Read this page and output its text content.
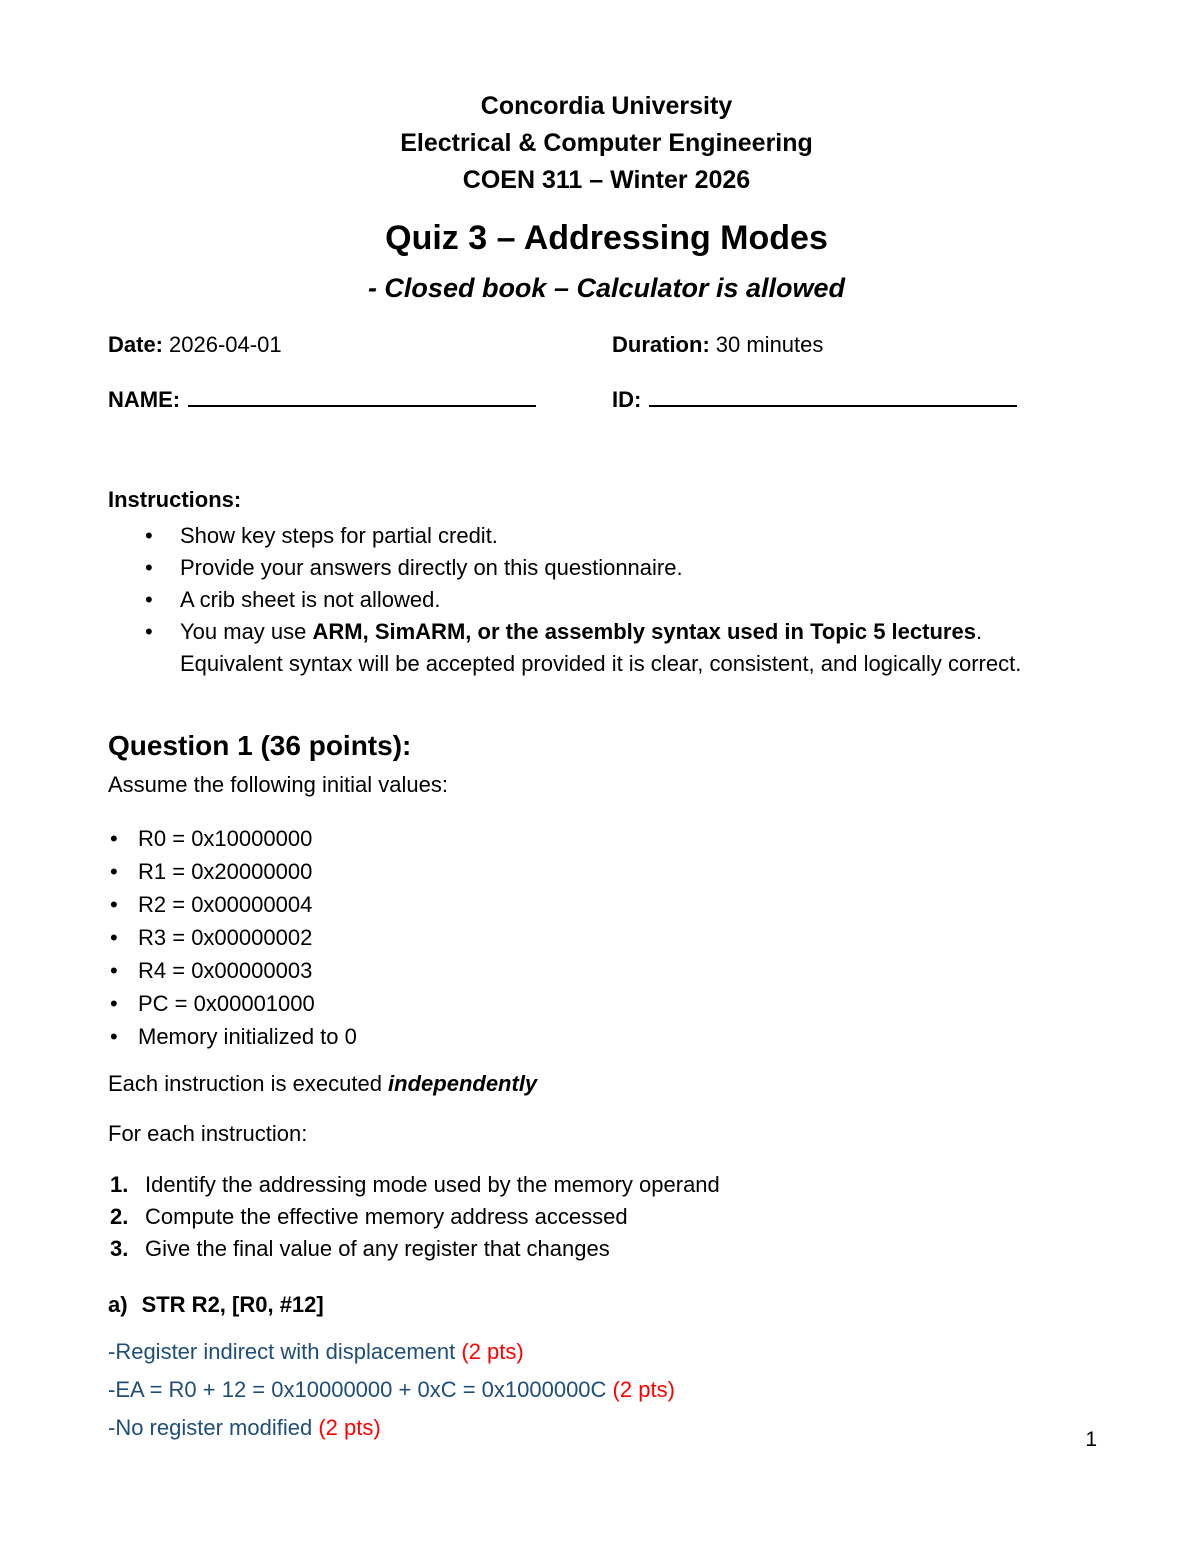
Concordia University
Electrical & Computer Engineering
COEN 311 – Winter 2026
Quiz 3 – Addressing Modes
- Closed book – Calculator is allowed
Date: 2026-04-01	Duration: 30 minutes
NAME:	ID:
Instructions:
• Show key steps for partial credit.
• Provide your answers directly on this questionnaire.
• A crib sheet is not allowed.
• You may use ARM, SimARM, or the assembly syntax used in Topic 5 lectures.
Equivalent syntax will be accepted provided it is clear, consistent, and logically correct.
Question 1 (36 points):
Assume the following initial values:
• R0 = 0x10000000
• R1 = 0x20000000
• R2 = 0x00000004
• R3 = 0x00000002
• R4 = 0x00000003
• PC = 0x00001000
• Memory initialized to 0
Each instruction is executed independently
For each instruction:
1. Identify the addressing mode used by the memory operand
2. Compute the effective memory address accessed
3. Give the final value of any register that changes
a) STR R2, [R0, #12]
-Register indirect with displacement (2 pts)
-EA = R0 + 12 = 0x10000000 + 0xC = 0x1000000C (2 pts)
-No register modified (2 pts)	1
